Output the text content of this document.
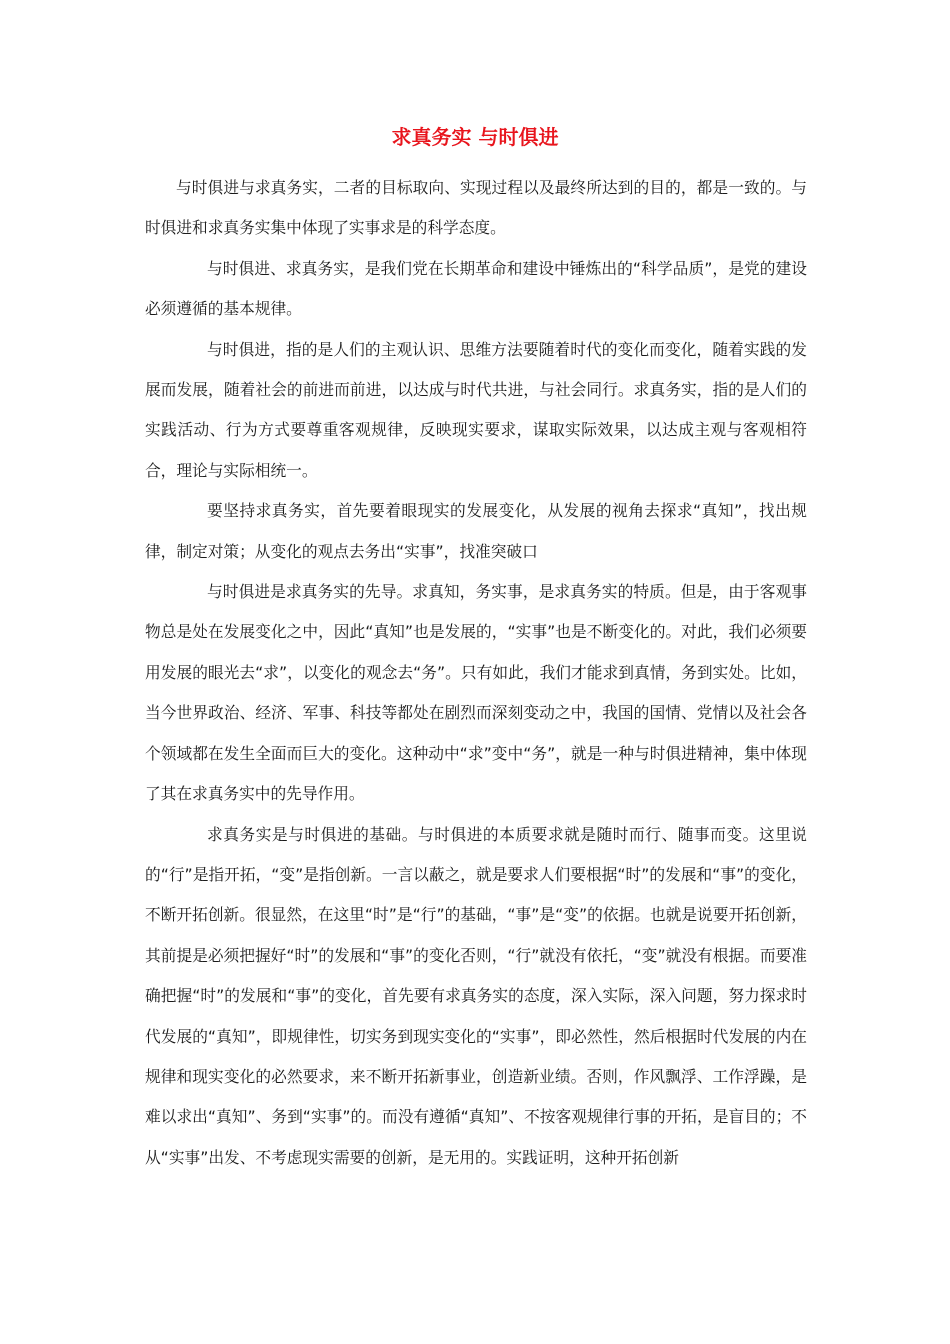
求真务实 与时俱进

与时俱进与求真务实，二者的目标取向、实现过程以及最终所达到的目的，都是一致的。与时俱进和求真务实集中体现了实事求是的科学态度。

与时俱进、求真务实，是我们党在长期革命和建设中锤炼出的“科学品质”，是党的建设必须遵循的基本规律。

与时俱进，指的是人们的主观认识、思维方法要随着时代的变化而变化，随着实践的发展而发展，随着社会的前进而前进，以达成与时代共进，与社会同行。求真务实，指的是人们的实践活动、行为方式要尊重客观规律，反映现实要求，谋取实际效果，以达成主观与客观相符合，理论与实际相统一。

要坚持求真务实，首先要着眼现实的发展变化，从发展的视角去探求“真知”，找出规律，制定对策；从变化的观点去务出“实事”，找准突破口

与时俱进是求真务实的先导。求真知，务实事，是求真务实的特质。但是，由于客观事物总是处在发展变化之中，因此“真知”也是发展的，“实事”也是不断变化的。对此，我们必须要用发展的眼光去“求”，以变化的观念去“务”。只有如此，我们才能求到真情，务到实处。比如，当今世界政治、经济、军事、科技等都处在剧烈而深刻变动之中，我国的国情、党情以及社会各个领域都在发生全面而巨大的变化。这种动中“求”变中“务”，就是一种与时俱进精神，集中体现了其在求真务实中的先导作用。

求真务实是与时俱进的基础。与时俱进的本质要求就是随时而行、随事而变。这里说的“行”是指开拓，“变”是指创新。一言以蔽之，就是要求人们要根据“时”的发展和“事”的变化，不断开拓创新。很显然，在这里“时”是“行”的基础，“事”是“变”的依据。也就是说要开拓创新，其前提是必须把握好“时”的发展和“事”的变化否则，“行”就没有依托，“变”就没有根据。而要准确把握“时”的发展和“事”的变化，首先要有求真务实的态度，深入实际，深入问题，努力探求时代发展的“真知”，即规律性，切实务到现实变化的“实事”，即必然性，然后根据时代发展的内在规律和现实变化的必然要求，来不断开拓新事业，创造新业绩。否则，作风飘浮、工作浮躁，是难以求出“真知”、务到“实事”的。而没有遵循“真知”、不按客观规律行事的开拓，是盲目的；不从“实事”出发、不考虑现实需要的创新，是无用的。实践证明，这种开拓创新
